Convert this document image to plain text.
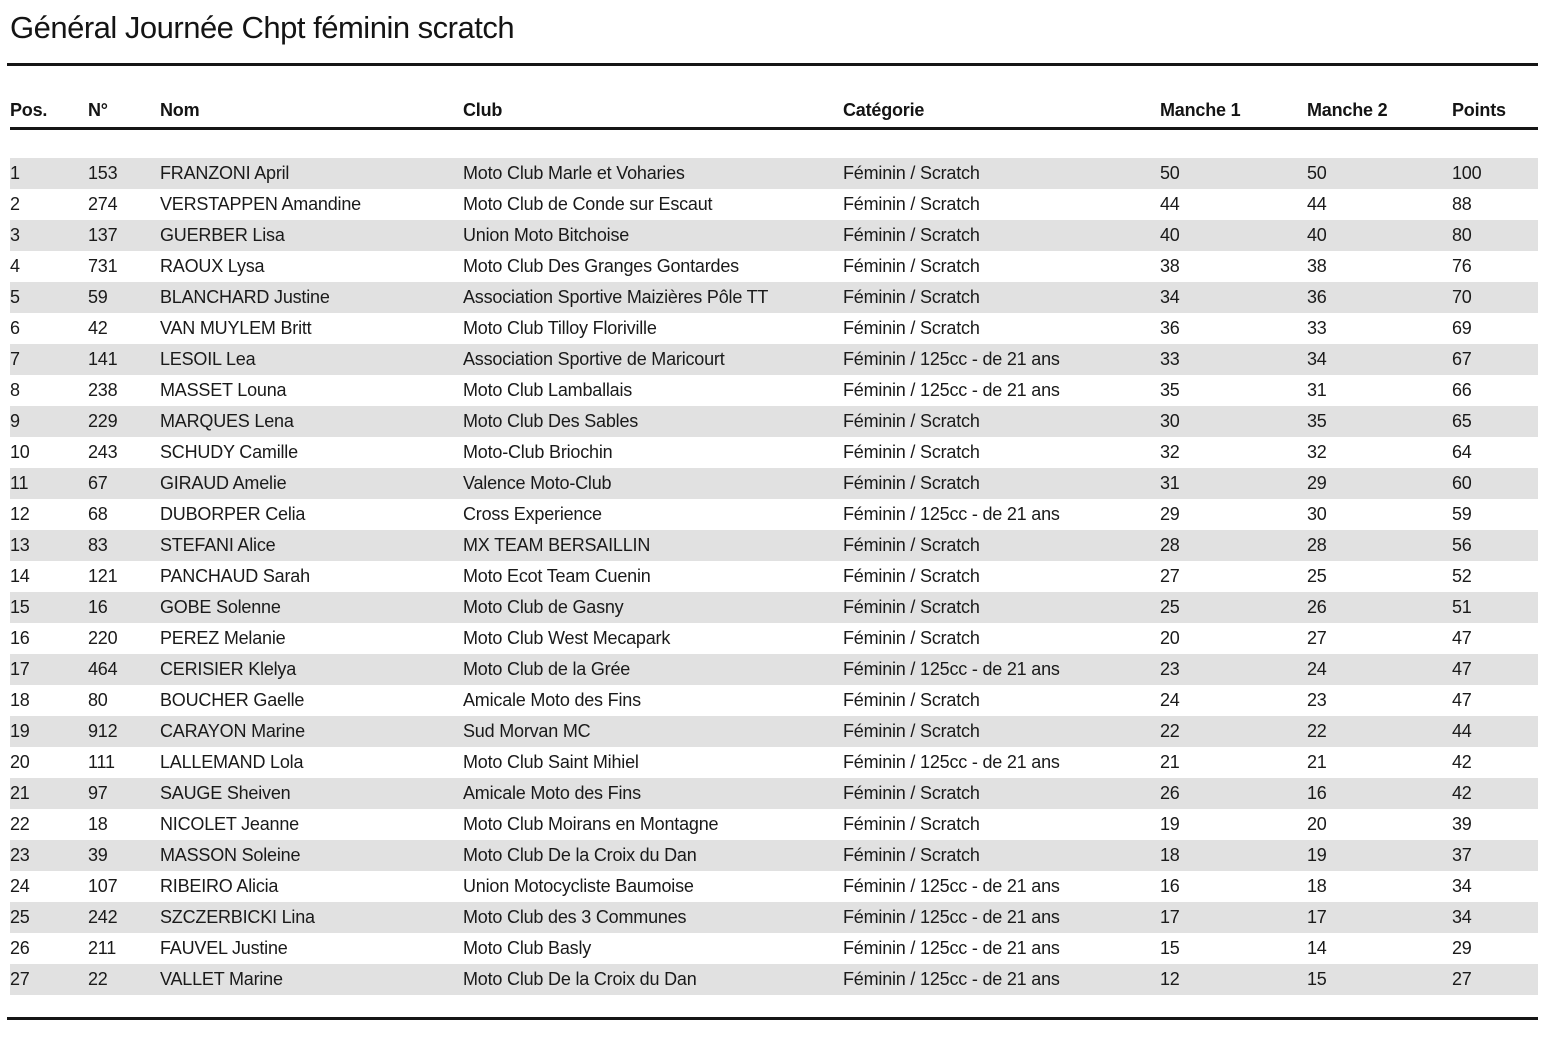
Général Journée Chpt féminin scratch
Pos.	N°	Nom	Club	Catégorie	Manche 1	Manche 2	Points

1	153	FRANZONI April	Moto Club Marle et Voharies	Féminin / Scratch	50	50	100
2	274	VERSTAPPEN Amandine	Moto Club de Conde sur Escaut	Féminin / Scratch	44	44	88
3	137	GUERBER Lisa	Union Moto Bitchoise	Féminin / Scratch	40	40	80
4	731	RAOUX Lysa	Moto Club Des Granges Gontardes	Féminin / Scratch	38	38	76
5	59	BLANCHARD Justine	Association Sportive Maizières Pôle TT	Féminin / Scratch	34	36	70
6	42	VAN MUYLEM Britt	Moto Club Tilloy Floriville	Féminin / Scratch	36	33	69
7	141	LESOIL Lea	Association Sportive de Maricourt	Féminin / 125cc - de 21 ans	33	34	67
8	238	MASSET Louna	Moto Club Lamballais	Féminin / 125cc - de 21 ans	35	31	66
9	229	MARQUES Lena	Moto Club Des Sables	Féminin / Scratch	30	35	65
10	243	SCHUDY Camille	Moto-Club Briochin	Féminin / Scratch	32	32	64
11	67	GIRAUD Amelie	Valence Moto-Club	Féminin / Scratch	31	29	60
12	68	DUBORPER Celia	Cross Experience	Féminin / 125cc - de 21 ans	29	30	59
13	83	STEFANI Alice	MX TEAM BERSAILLIN	Féminin / Scratch	28	28	56
14	121	PANCHAUD Sarah	Moto Ecot Team Cuenin	Féminin / Scratch	27	25	52
15	16	GOBE Solenne	Moto Club de Gasny	Féminin / Scratch	25	26	51
16	220	PEREZ Melanie	Moto Club West Mecapark	Féminin / Scratch	20	27	47
17	464	CERISIER Klelya	Moto Club de la Grée	Féminin / 125cc - de 21 ans	23	24	47
18	80	BOUCHER Gaelle	Amicale Moto des Fins	Féminin / Scratch	24	23	47
19	912	CARAYON Marine	Sud Morvan MC	Féminin / Scratch	22	22	44
20	111	LALLEMAND Lola	Moto Club Saint Mihiel	Féminin / 125cc - de 21 ans	21	21	42
21	97	SAUGE Sheiven	Amicale Moto des Fins	Féminin / Scratch	26	16	42
22	18	NICOLET Jeanne	Moto Club Moirans en Montagne	Féminin / Scratch	19	20	39
23	39	MASSON Soleine	Moto Club De la Croix du Dan	Féminin / Scratch	18	19	37
24	107	RIBEIRO Alicia	Union Motocycliste Baumoise	Féminin / 125cc - de 21 ans	16	18	34
25	242	SZCZERBICKI Lina	Moto Club des 3 Communes	Féminin / 125cc - de 21 ans	17	17	34
26	211	FAUVEL Justine	Moto Club Basly	Féminin / 125cc - de 21 ans	15	14	29
27	22	VALLET Marine	Moto Club De la Croix du Dan	Féminin / 125cc - de 21 ans	12	15	27
